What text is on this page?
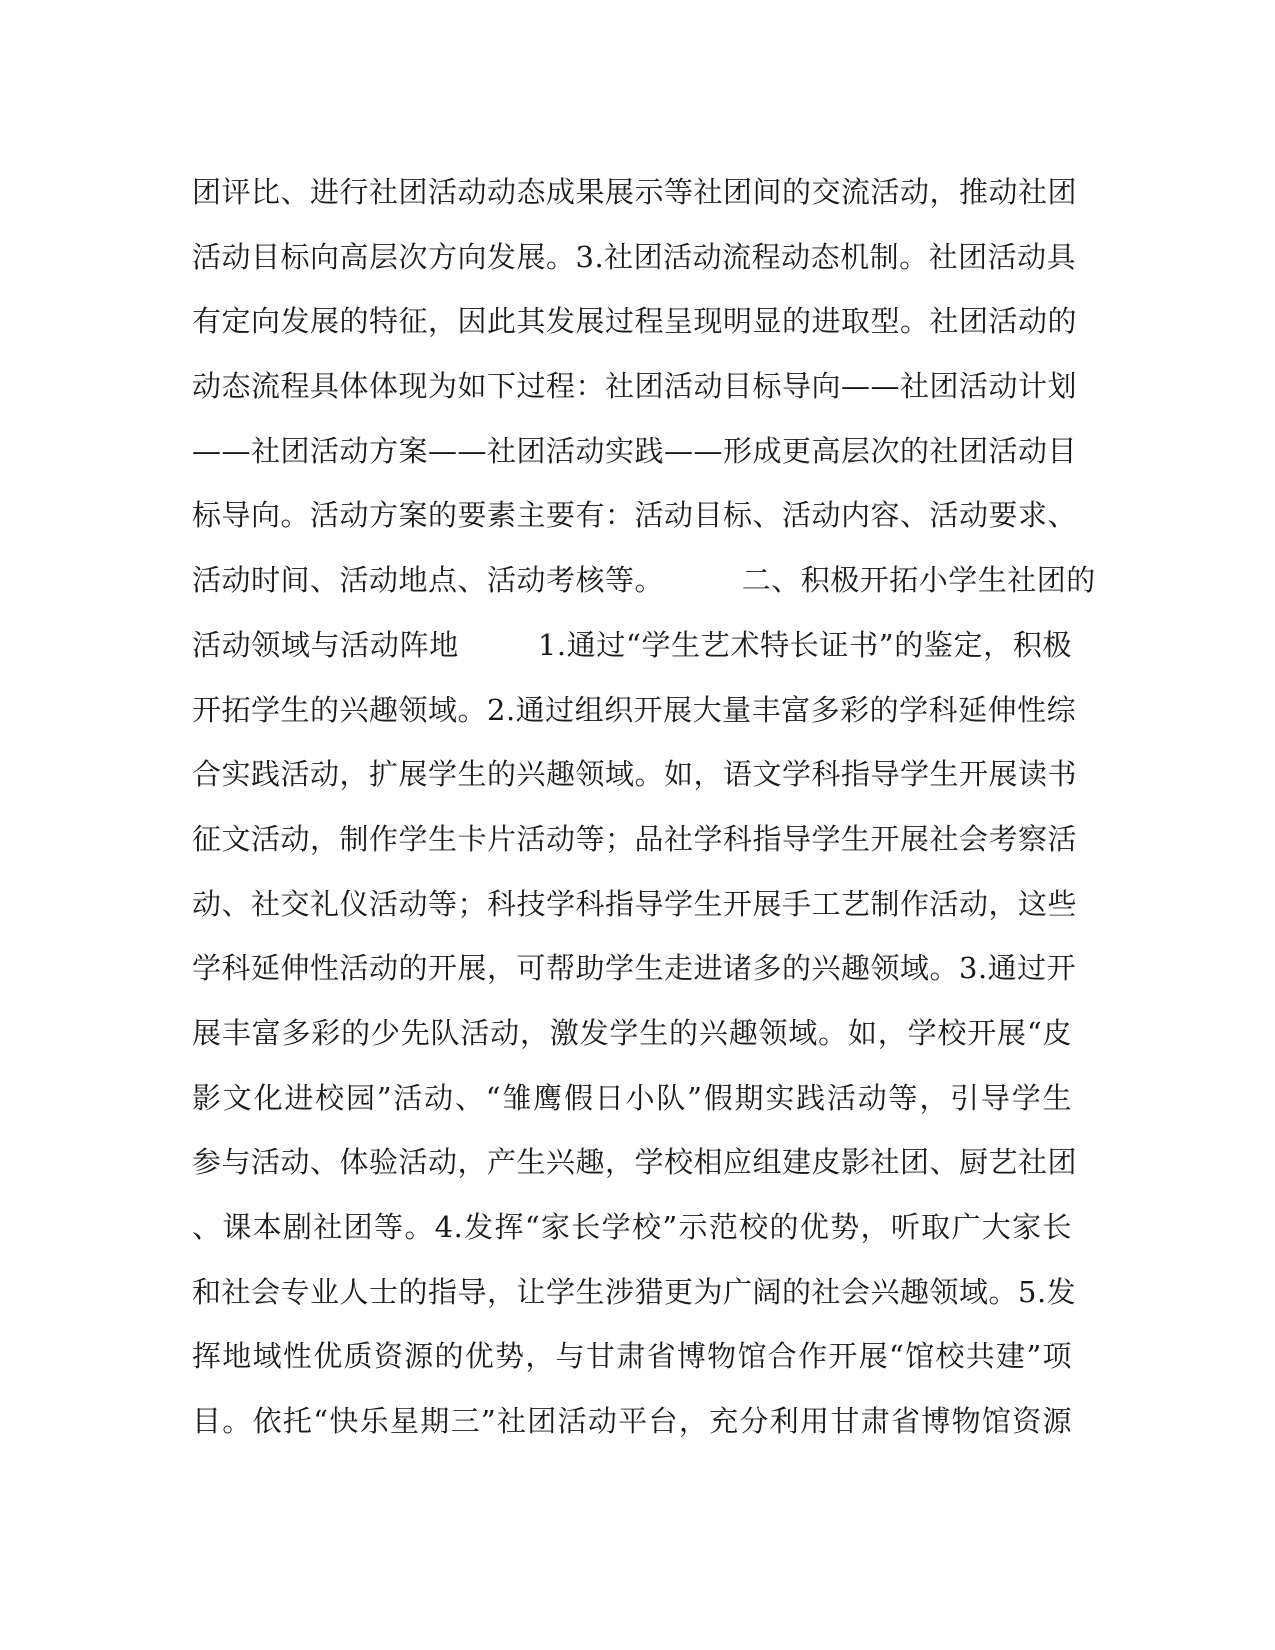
团评比、进行社团活动动态成果展示等社团间的交流活动，推动社团
活动目标向高层次方向发展。3.社团活动流程动态机制。社团活动具
有定向发展的特征，因此其发展过程呈现明显的进取型。社团活动的
动态流程具体体现为如下过程：社团活动目标导向——社团活动计划
——社团活动方案——社团活动实践——形成更高层次的社团活动目
标导向。活动方案的要素主要有：活动目标、活动内容、活动要求、
活动时间、活动地点、活动考核等。        二、积极开拓小学生社团的
活动领域与活动阵地        1.通过“学生艺术特长证书”的鉴定，积极
开拓学生的兴趣领域。2.通过组织开展大量丰富多彩的学科延伸性综
合实践活动，扩展学生的兴趣领域。如，语文学科指导学生开展读书
征文活动，制作学生卡片活动等；品社学科指导学生开展社会考察活
动、社交礼仪活动等；科技学科指导学生开展手工艺制作活动，这些
学科延伸性活动的开展，可帮助学生走进诸多的兴趣领域。3.通过开
展丰富多彩的少先队活动，激发学生的兴趣领域。如，学校开展“皮
影文化进校园”活动、“雏鹰假日小队”假期实践活动等，引导学生
参与活动、体验活动，产生兴趣，学校相应组建皮影社团、厨艺社团
、课本剧社团等。4.发挥“家长学校”示范校的优势，听取广大家长
和社会专业人士的指导，让学生涉猎更为广阔的社会兴趣领域。5.发
挥地域性优质资源的优势，与甘肃省博物馆合作开展“馆校共建”项
目。依托“快乐星期三”社团活动平台，充分利用甘肃省博物馆资源
